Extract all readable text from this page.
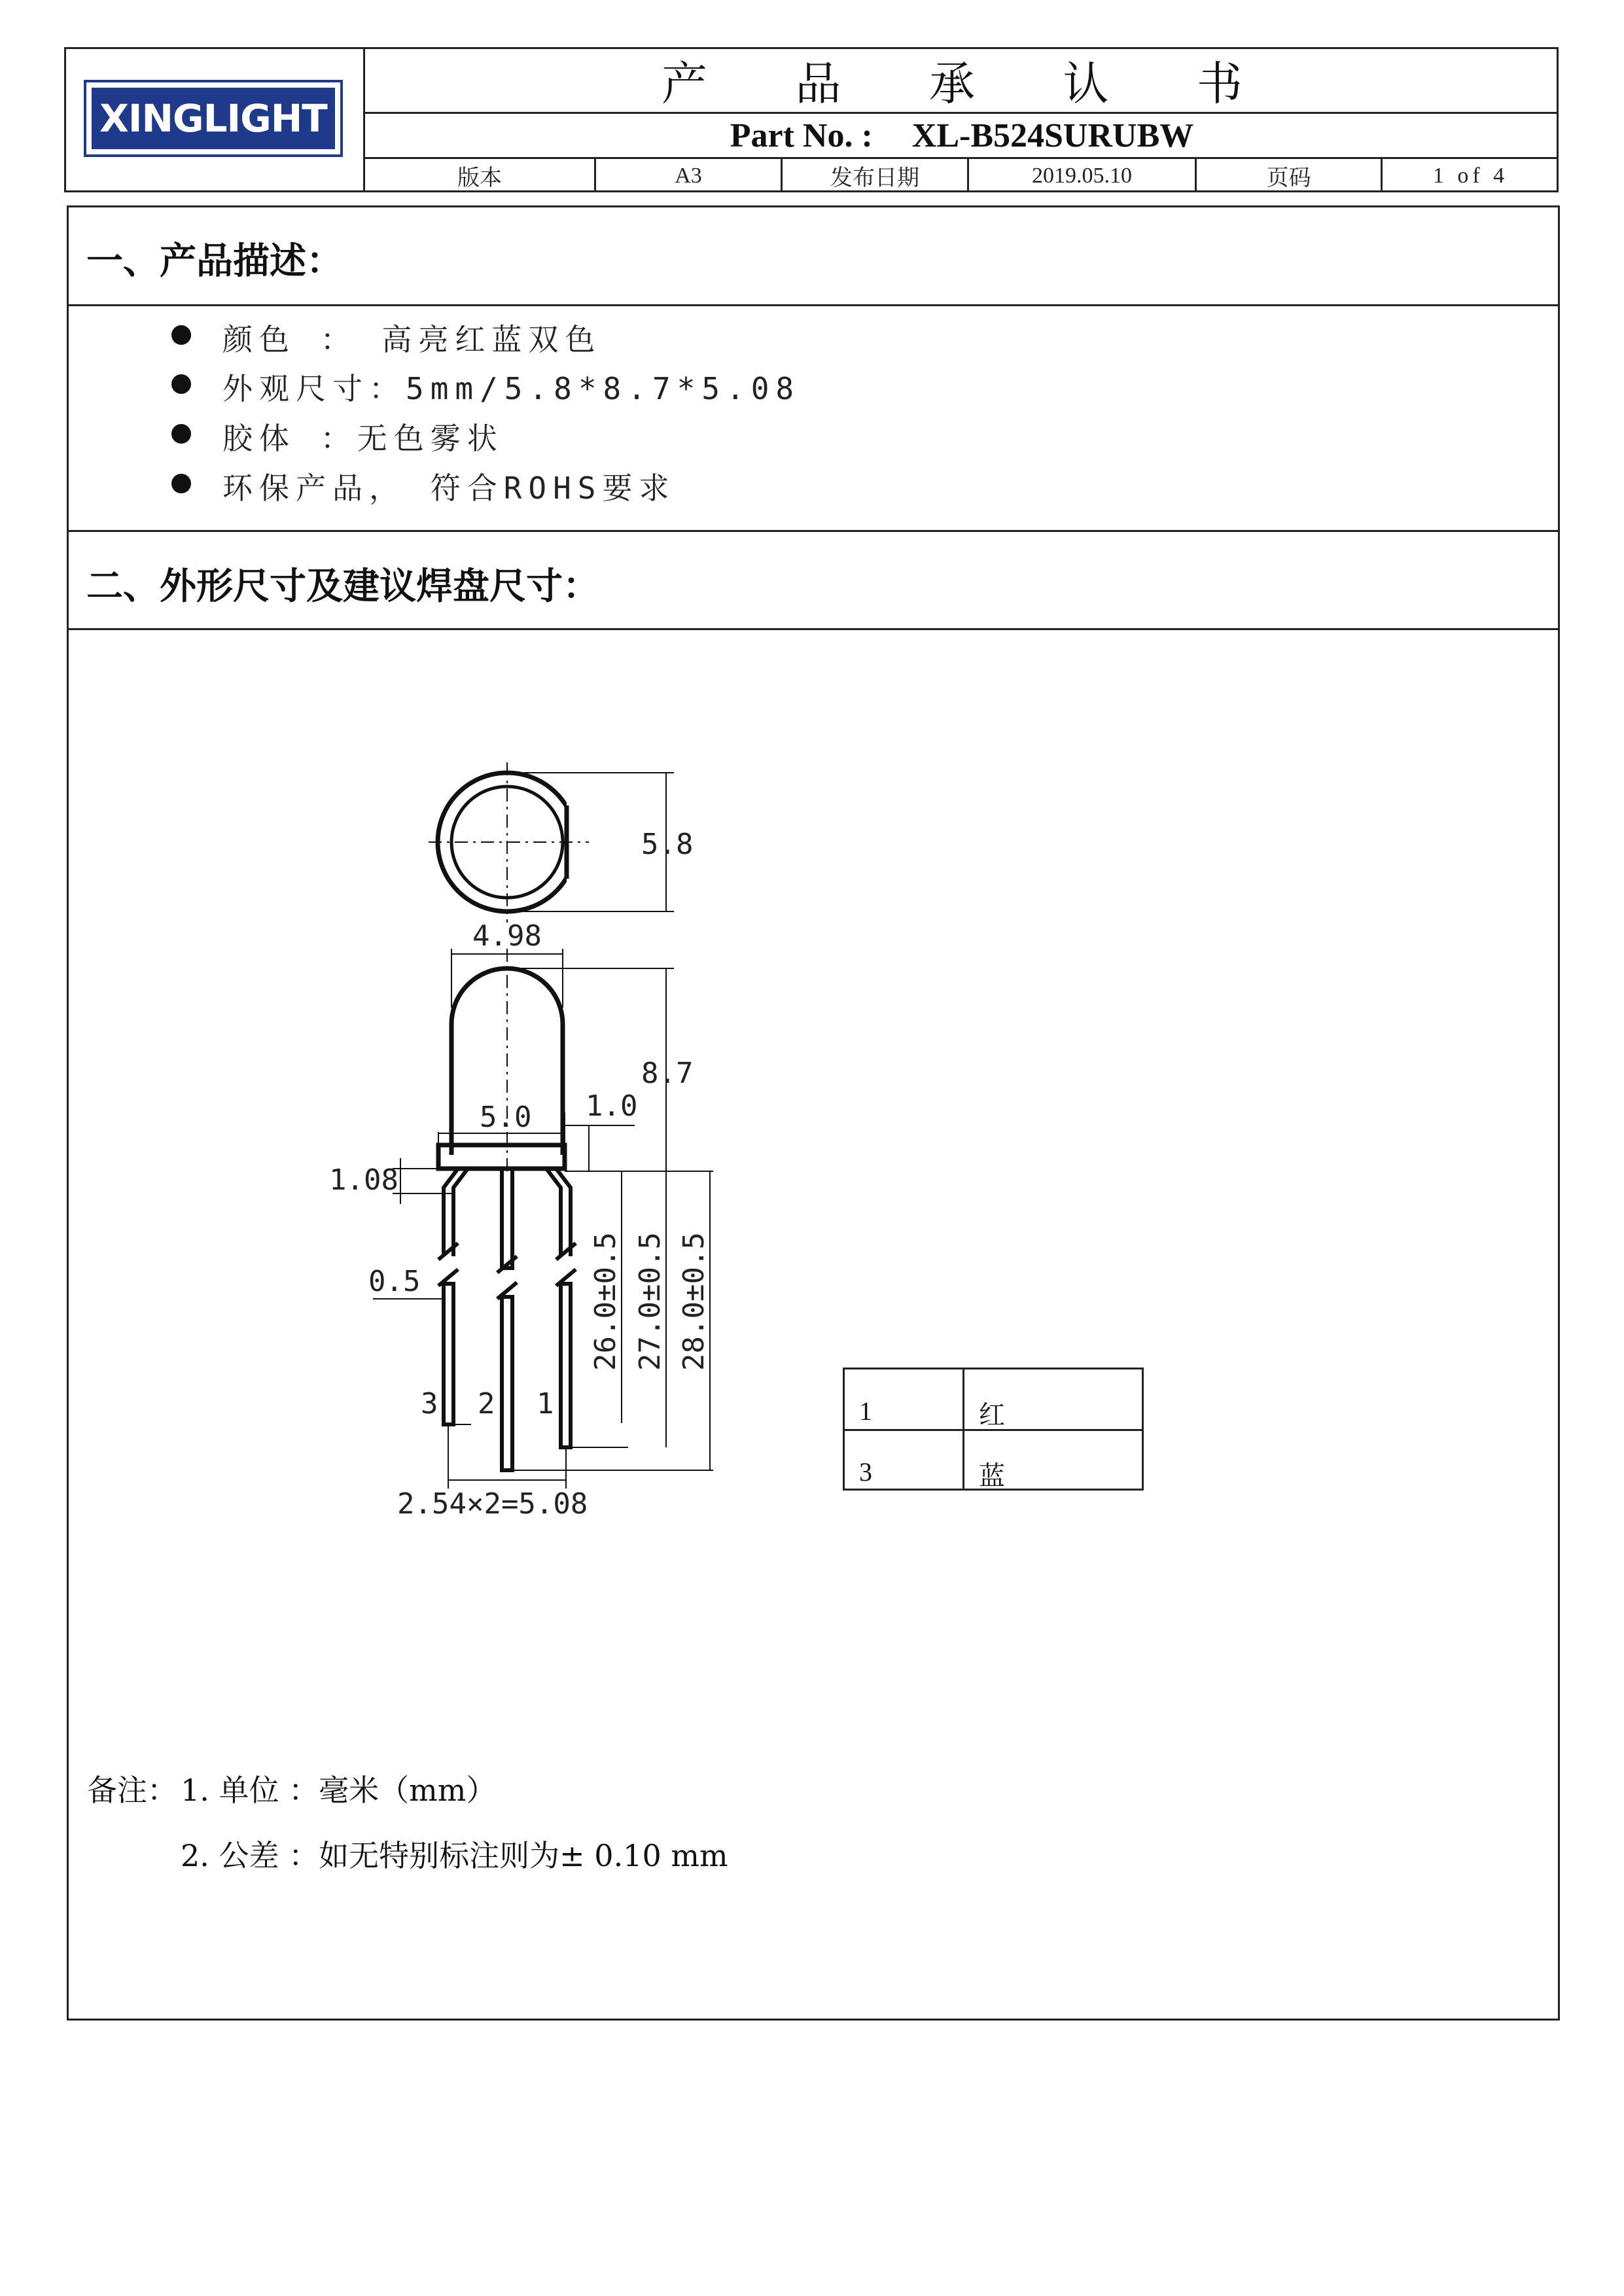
XINGLIGHT
产  品  承  认  书
Part No. : XL-B524SURUBW
版本	A3	发布日期	2019.05.10	页码	1 of 4
一、产品描述：
颜色 ： 高亮红蓝双色
外观尺寸：5mm/5.8*8.7*5.08
胶体 ：无色雾状
环保产品， 符合ROHS要求
二、外形尺寸及建议焊盘尺寸：
5.8
4.98
8.7
5.0 1.0
1.08
0.5	26.0±0.5 27.0±0.5 28.0±0.5
3 2 1
2.54×2=5.08
1	红
3	蓝
备注： 1. 单位 ：毫米（mm）
2. 公差 ：如无特别标注则为± 0.10 mm
